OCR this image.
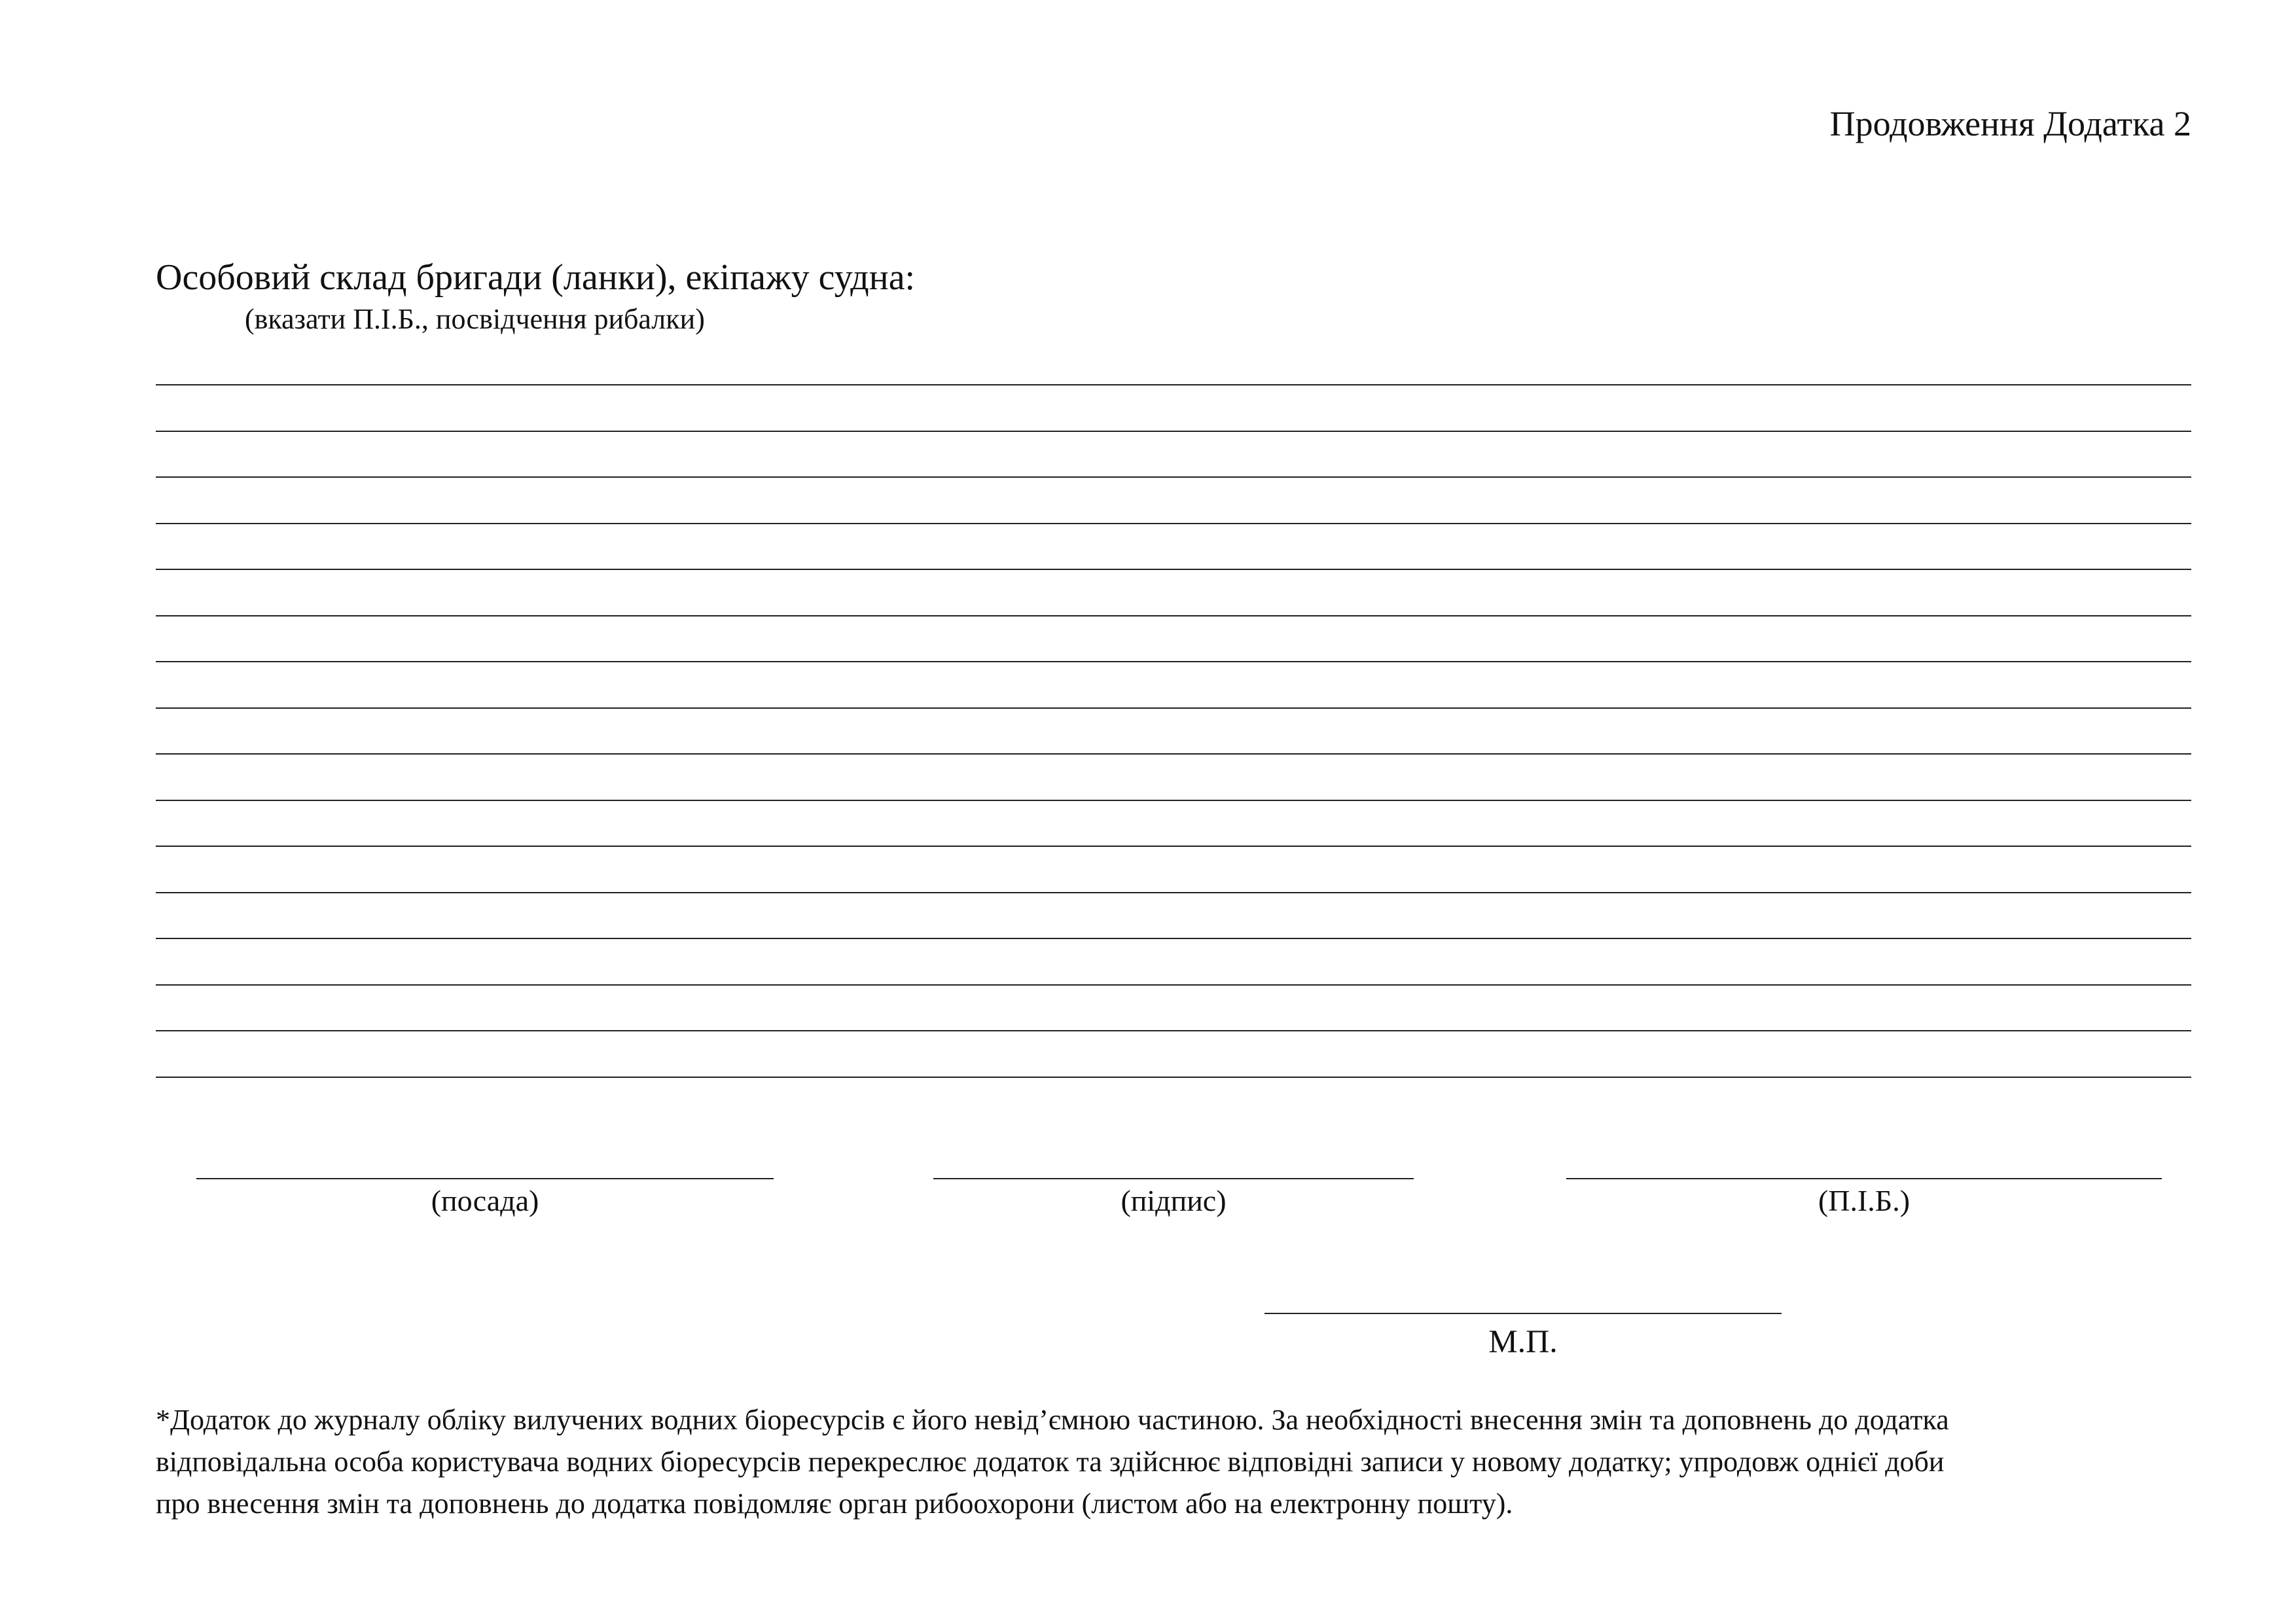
Продовження Додатка 2
Особовий склад бригади (ланки), екіпажу судна:
(вказати П.І.Б., посвідчення рибалки)
(посада)	(підпис)	(П.І.Б.)
М.П.

*Додаток до журналу обліку вилучених водних біоресурсів є його невід’ємною частиною. За необхідності внесення змін та доповнень до додатка

відповідальна особа користувача водних біоресурсів перекреслює додаток та здійснює відповідні записи у новому додатку; упродовж однієї доби

про внесення змін та доповнень до додатка повідомляє орган рибоохорони (листом або на електронну пошту).
